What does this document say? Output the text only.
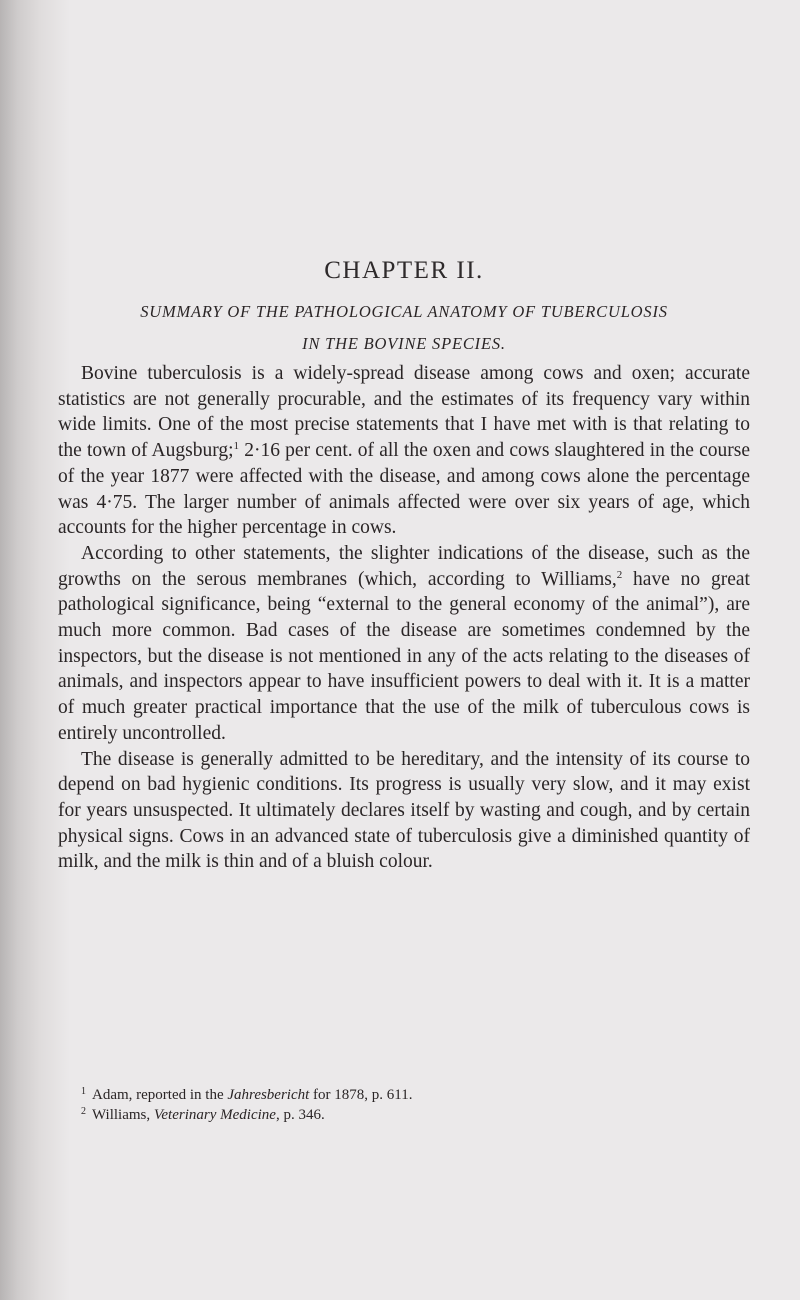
CHAPTER II.
SUMMARY OF THE PATHOLOGICAL ANATOMY OF TUBERCULOSIS
IN THE BOVINE SPECIES.

Bovine tuberculosis is a widely-spread disease among cows and oxen; accurate statistics are not generally procurable, and the estimates of its frequency vary within wide limits. One of the most precise statements that I have met with is that relating to the town of Augsburg;$^1$ 2·16 per cent. of all the oxen and cows slaughtered in the course of the year 1877 were affected with the disease, and among cows alone the percentage was 4·75. The larger number of animals affected were over six years of age, which accounts for the higher percentage in cows.

According to other statements, the slighter indications of the disease, such as the growths on the serous membranes (which, according to Williams,$^2$ have no great pathological significance, being “external to the general economy of the animal”), are much more common. Bad cases of the disease are sometimes condemned by the inspectors, but the disease is not mentioned in any of the acts relating to the diseases of animals, and inspectors appear to have insufficient powers to deal with it. It is a matter of much greater practical importance that the use of the milk of tuberculous cows is entirely uncontrolled.

The disease is generally admitted to be hereditary, and the intensity of its course to depend on bad hygienic conditions. Its progress is usually very slow, and it may exist for years unsuspected. It ultimately declares itself by wasting and cough, and by certain physical signs. Cows in an advanced state of tuberculosis give a diminished quantity of milk, and the milk is thin and of a bluish colour.

$^1$ Adam, reported in the Jahresbericht for 1878, p. 611.
$^2$ Williams, Veterinary Medicine, p. 346.
